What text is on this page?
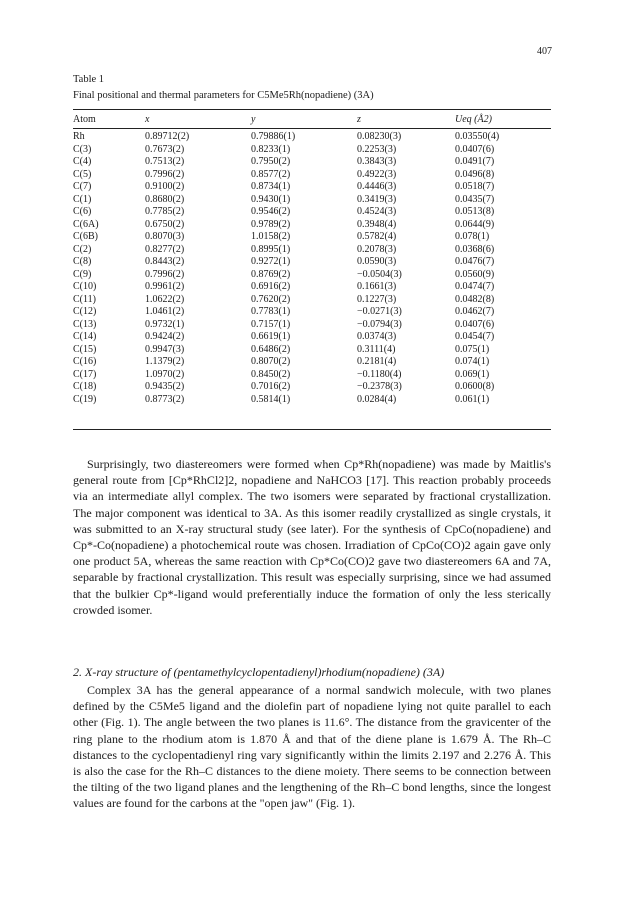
407
Table 1
Final positional and thermal parameters for C5Me5Rh(nopadiene) (3A)
Atom	x	y	z	Ueq (Å2)
Rh	0.89712(2)	0.79886(1)	0.08230(3)	0.03550(4)
C(3)	0.7673(2)	0.8233(1)	0.2253(3)	0.0407(6)
C(4)	0.7513(2)	0.7950(2)	0.3843(3)	0.0491(7)
C(5)	0.7996(2)	0.8577(2)	0.4922(3)	0.0496(8)
C(7)	0.9100(2)	0.8734(1)	0.4446(3)	0.0518(7)
C(1)	0.8680(2)	0.9430(1)	0.3419(3)	0.0435(7)
C(6)	0.7785(2)	0.9546(2)	0.4524(3)	0.0513(8)
C(6A)	0.6750(2)	0.9789(2)	0.3948(4)	0.0644(9)
C(6B)	0.8070(3)	1.0158(2)	0.5782(4)	0.078(1)
C(2)	0.8277(2)	0.8995(1)	0.2078(3)	0.0368(6)
C(8)	0.8443(2)	0.9272(1)	0.0590(3)	0.0476(7)
C(9)	0.7996(2)	0.8769(2)	−0.0504(3)	0.0560(9)
C(10)	0.9961(2)	0.6916(2)	0.1661(3)	0.0474(7)
C(11)	1.0622(2)	0.7620(2)	0.1227(3)	0.0482(8)
C(12)	1.0461(2)	0.7783(1)	−0.0271(3)	0.0462(7)
C(13)	0.9732(1)	0.7157(1)	−0.0794(3)	0.0407(6)
C(14)	0.9424(2)	0.6619(1)	0.0374(3)	0.0454(7)
C(15)	0.9947(3)	0.6486(2)	0.3111(4)	0.075(1)
C(16)	1.1379(2)	0.8070(2)	0.2181(4)	0.074(1)
C(17)	1.0970(2)	0.8450(2)	−0.1180(4)	0.069(1)
C(18)	0.9435(2)	0.7016(2)	−0.2378(3)	0.0600(8)
C(19)	0.8773(2)	0.5814(1)	0.0284(4)	0.061(1)

Surprisingly, two diastereomers were formed when Cp*Rh(nopadiene) was made by Maitlis's general route from [Cp*RhCl2]2, nopadiene and NaHCO3 [17]. This reaction probably proceeds via an intermediate allyl complex. The two isomers were separated by fractional crystallization. The major component was identical to 3A. As this isomer readily crystallized as single crystals, it was submitted to an X-ray structural study (see later). For the synthesis of CpCo(nopadiene) and Cp*-Co(nopadiene) a photochemical route was chosen. Irradiation of CpCo(CO)2 again gave only one product 5A, whereas the same reaction with Cp*Co(CO)2 gave two diastereomers 6A and 7A, separable by fractional crystallization. This result was especially surprising, since we had assumed that the bulkier Cp*-ligand would preferentially induce the formation of only the less sterically crowded isomer.

2. X-ray structure of (pentamethylcyclopentadienyl)rhodium(nopadiene) (3A)

Complex 3A has the general appearance of a normal sandwich molecule, with two planes defined by the C5Me5 ligand and the diolefin part of nopadiene lying not quite parallel to each other (Fig. 1). The angle between the two planes is 11.6°. The distance from the gravicenter of the ring plane to the rhodium atom is 1.870 Å and that of the diene plane is 1.679 Å. The Rh–C distances to the cyclopentadienyl ring vary significantly within the limits 2.197 and 2.276 Å. This is also the case for the Rh–C distances to the diene moiety. There seems to be connection between the tilting of the two ligand planes and the lengthening of the Rh–C bond lengths, since the longest values are found for the carbons at the "open jaw" (Fig. 1).
